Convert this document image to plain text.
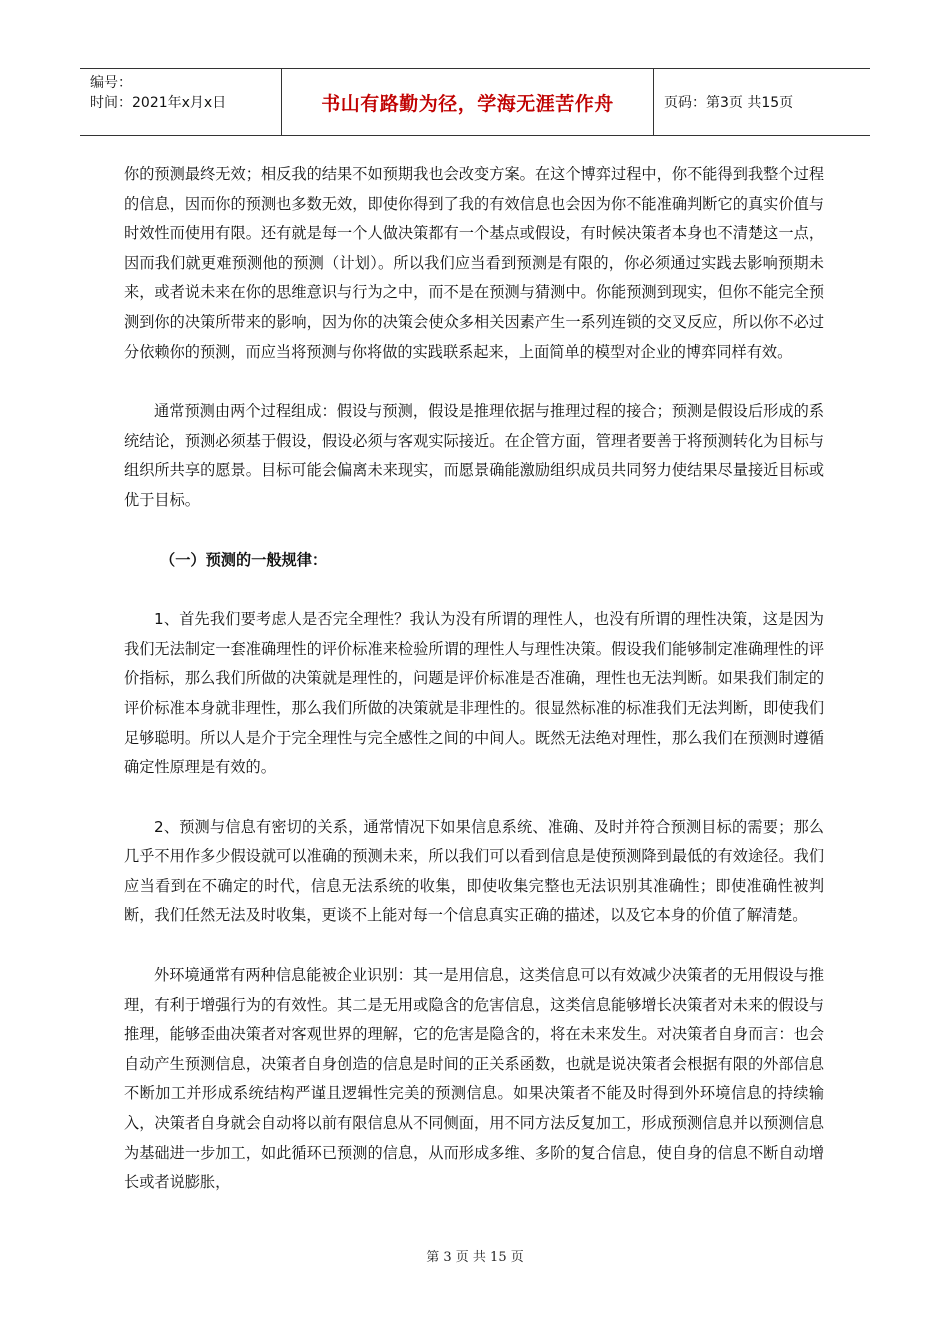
编号：
时间：2021年x月x日	书山有路勤为径，学海无涯苦作舟	页码：第3页 共15页

你的预测最终无效；相反我的结果不如预期我也会改变方案。在这个博弈过程中，你不能得到我整个过程的信息，因而你的预测也多数无效，即使你得到了我的有效信息也会因为你不能准确判断它的真实价值与时效性而使用有限。还有就是每一个人做决策都有一个基点或假设，有时候决策者本身也不清楚这一点，因而我们就更难预测他的预测（计划）。所以我们应当看到预测是有限的，你必须通过实践去影响预期未来，或者说未来在你的思维意识与行为之中，而不是在预测与猜测中。你能预测到现实，但你不能完全预测到你的决策所带来的影响，因为你的决策会使众多相关因素产生一系列连锁的交叉反应，所以你不必过分依赖你的预测，而应当将预测与你将做的实践联系起来，上面简单的模型对企业的博弈同样有效。

通常预测由两个过程组成：假设与预测，假设是推理依据与推理过程的接合；预测是假设后形成的系统结论，预测必须基于假设，假设必须与客观实际接近。在企管方面，管理者要善于将预测转化为目标与组织所共享的愿景。目标可能会偏离未来现实，而愿景确能激励组织成员共同努力使结果尽量接近目标或优于目标。

（一）预测的一般规律：

1、首先我们要考虑人是否完全理性？我认为没有所谓的理性人，也没有所谓的理性决策，这是因为我们无法制定一套准确理性的评价标准来检验所谓的理性人与理性决策。假设我们能够制定准确理性的评价指标，那么我们所做的决策就是理性的，问题是评价标准是否准确，理性也无法判断。如果我们制定的评价标准本身就非理性，那么我们所做的决策就是非理性的。很显然标准的标准我们无法判断，即使我们足够聪明。所以人是介于完全理性与完全感性之间的中间人。既然无法绝对理性，那么我们在预测时遵循确定性原理是有效的。

2、预测与信息有密切的关系，通常情况下如果信息系统、准确、及时并符合预测目标的需要；那么几乎不用作多少假设就可以准确的预测未来，所以我们可以看到信息是使预测降到最低的有效途径。我们应当看到在不确定的时代，信息无法系统的收集，即使收集完整也无法识别其准确性；即使准确性被判断，我们任然无法及时收集，更谈不上能对每一个信息真实正确的描述，以及它本身的价值了解清楚。

外环境通常有两种信息能被企业识别：其一是用信息，这类信息可以有效减少决策者的无用假设与推理，有利于增强行为的有效性。其二是无用或隐含的危害信息，这类信息能够增长决策者对未来的假设与推理，能够歪曲决策者对客观世界的理解，它的危害是隐含的，将在未来发生。对决策者自身而言：也会自动产生预测信息，决策者自身创造的信息是时间的正关系函数，也就是说决策者会根据有限的外部信息不断加工并形成系统结构严谨且逻辑性完美的预测信息。如果决策者不能及时得到外环境信息的持续输入，决策者自身就会自动将以前有限信息从不同侧面，用不同方法反复加工，形成预测信息并以预测信息为基础进一步加工，如此循环已预测的信息，从而形成多维、多阶的复合信息，使自身的信息不断自动增长或者说膨胀，

第 3 页 共 15 页
